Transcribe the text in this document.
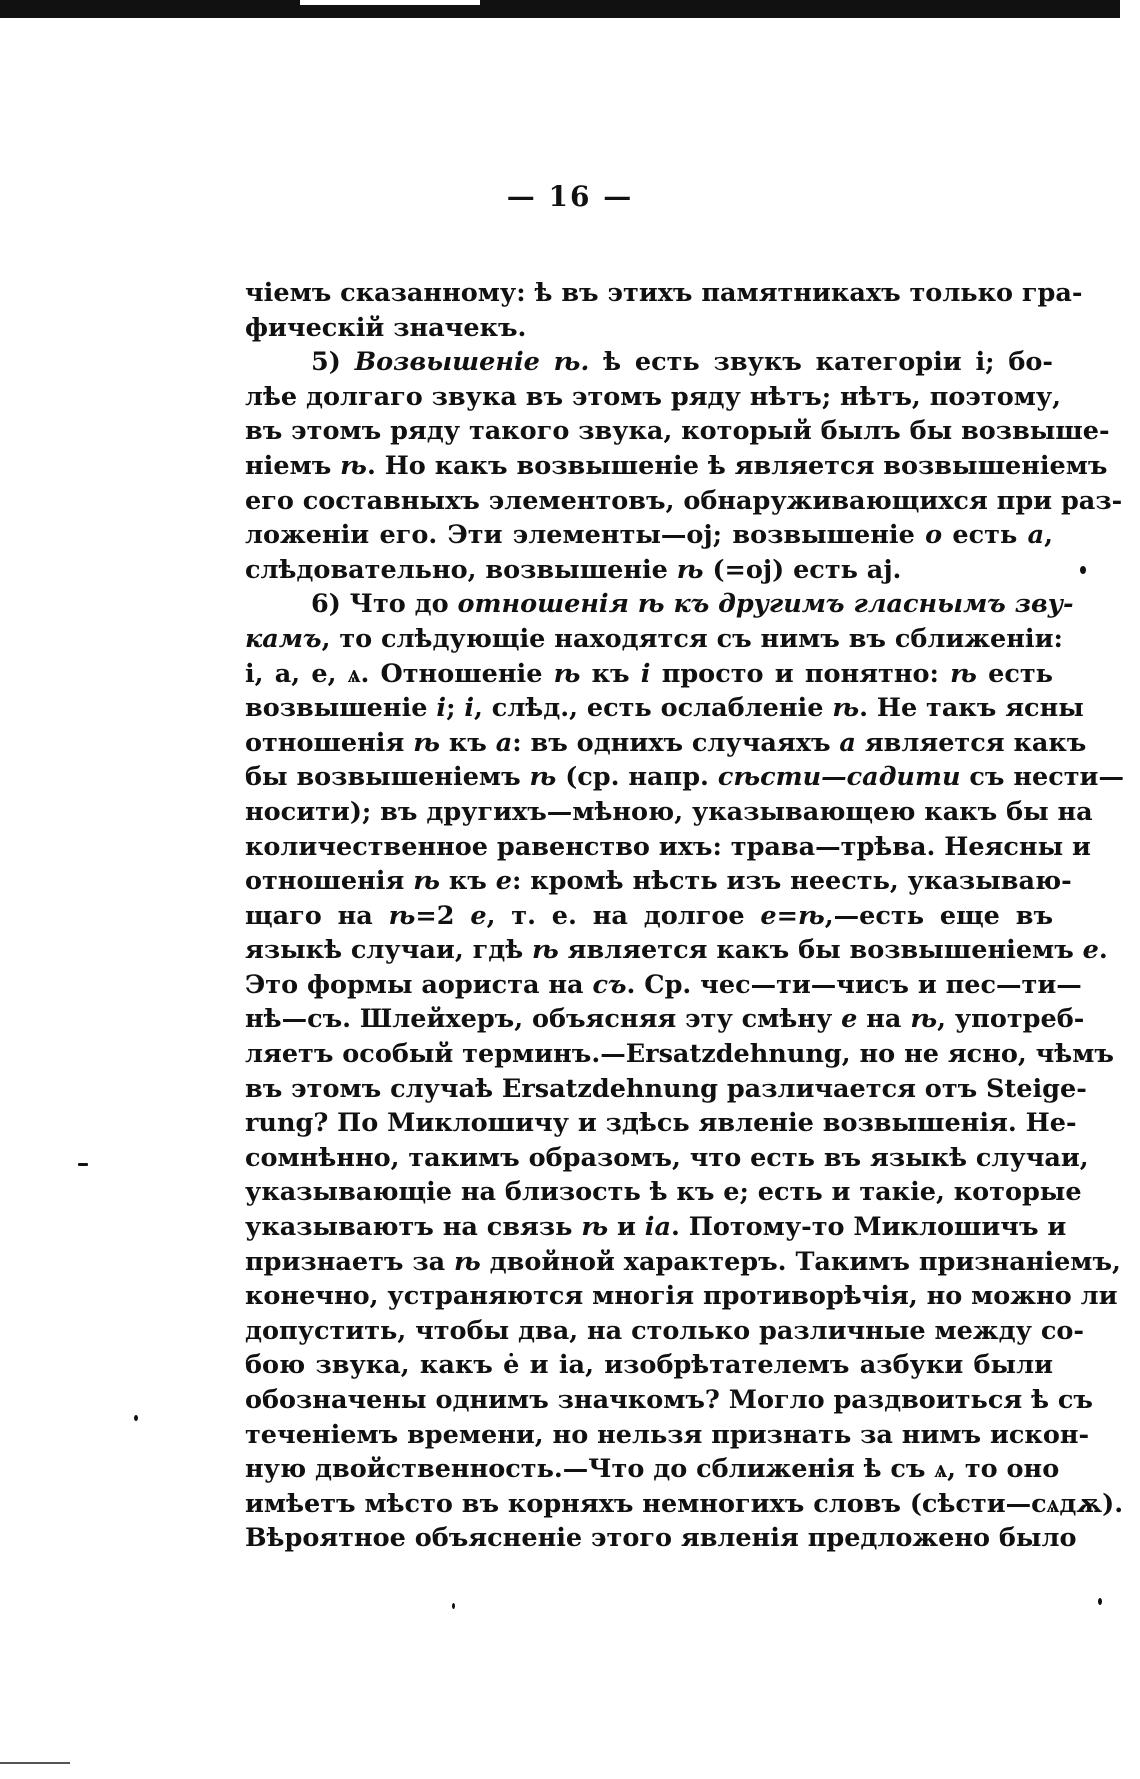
— 16 —
чіемъ сказанному: ѣ въ этихъ памятникахъ только гра-
фическій значекъ.
5) Возвышеніе ѣ. ѣ есть звукъ категоріи і; бо-
лѣе долгаго звука въ этомъ ряду нѣтъ; нѣтъ, поэтому,
въ этомъ ряду такого звука, который былъ бы возвыше-
ніемъ ѣ. Но какъ возвышеніе ѣ является возвышеніемъ
его составныхъ элементовъ, обнаруживающихся при раз-
ложеніи его. Эти элементы—оj; возвышеніе о есть а,
слѣдовательно, возвышеніе ѣ (=оj) есть аj.
6) Что до отношенія ѣ къ другимъ гласнымъ зву-
камъ, то слѣдующіе находятся съ нимъ въ сближеніи:
і, а, е, ѧ. Отношеніе ѣ къ і просто и понятно: ѣ есть
возвышеніе і; і, слѣд., есть ослабленіе ѣ. Не такъ ясны
отношенія ѣ къ а: въ однихъ случаяхъ а является какъ
бы возвышеніемъ ѣ (ср. напр. сѣсти—садити съ нести—
носити); въ другихъ—мѣною, указывающею какъ бы на
количественное равенство ихъ: трава—трѣва. Неясны и
отношенія ѣ къ е: кромѣ нѣсть изъ неесть, указываю-
щаго на ѣ=2 е, т. е. на долгое е=ѣ,—есть еще въ
языкѣ случаи, гдѣ ѣ является какъ бы возвышеніемъ е.
Это формы аориста на съ. Ср. чес—ти—чисъ и пес—ти—
нѣ—съ. Шлейхеръ, объясняя эту смѣну е на ѣ, употреб-
ляетъ особый терминъ.—Ersatzdehnung, но не ясно, чѣмъ
въ этомъ случаѣ Ersatzdehnung различается отъ Steige-
rung? По Миклошичу и здѣсь явленіе возвышенія. Не-
сомнѣнно, такимъ образомъ, что есть въ языкѣ случаи,
указывающіе на близость ѣ къ е; есть и такіе, которые
указываютъ на связь ѣ и іа. Потому-то Миклошичъ и
признаетъ за ѣ двойной характеръ. Такимъ признаніемъ,
конечно, устраняются многія противорѣчія, но можно ли
допустить, чтобы два, на столько различные между со-
бою звука, какъ ė и іа, изобрѣтателемъ азбуки были
обозначены однимъ значкомъ? Могло раздвоиться ѣ съ
теченіемъ времени, но нельзя признать за нимъ искон-
ную двойственность.—Что до сближенія ѣ съ ѧ, то оно
имѣетъ мѣсто въ корняхъ немногихъ словъ (сѣсти—сѧдѫ).
Вѣроятное объясненіе этого явленія предложено было
